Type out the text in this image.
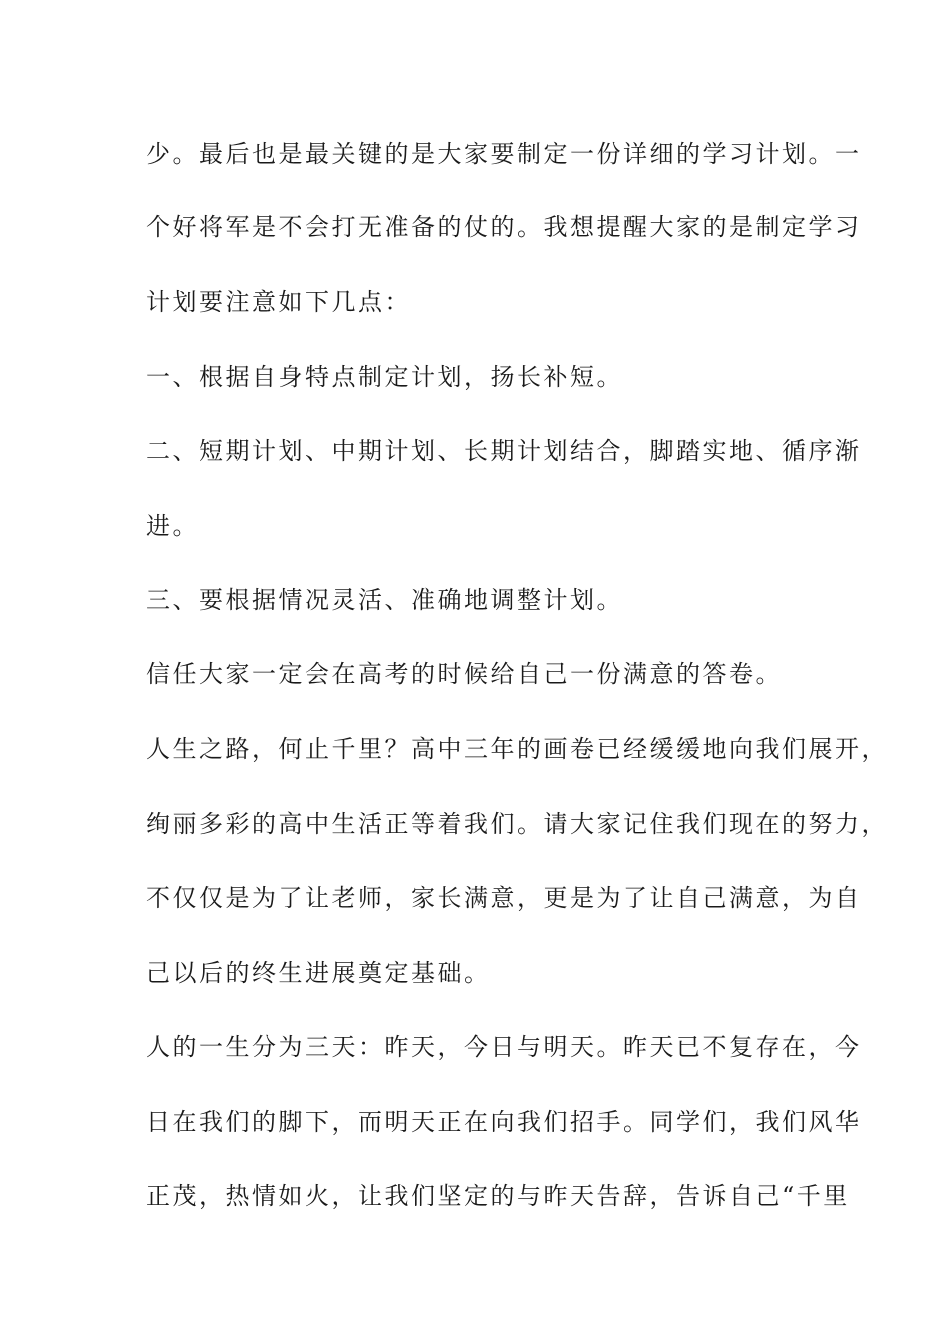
少。最后也是最关键的是大家要制定一份详细的学习计划。一
个好将军是不会打无准备的仗的。我想提醒大家的是制定学习
计划要注意如下几点：
一、根据自身特点制定计划，扬长补短。
二、短期计划、中期计划、长期计划结合，脚踏实地、循序渐
进。
三、要根据情况灵活、准确地调整计划。
信任大家一定会在高考的时候给自己一份满意的答卷。
人生之路，何止千里？高中三年的画卷已经缓缓地向我们展开，
绚丽多彩的高中生活正等着我们。请大家记住我们现在的努力，
不仅仅是为了让老师，家长满意，更是为了让自己满意，为自
己以后的终生进展奠定基础。
人的一生分为三天：昨天，今日与明天。昨天已不复存在，今
日在我们的脚下，而明天正在向我们招手。同学们，我们风华
正茂，热情如火，让我们坚定的与昨天告辞，告诉自己“千里
